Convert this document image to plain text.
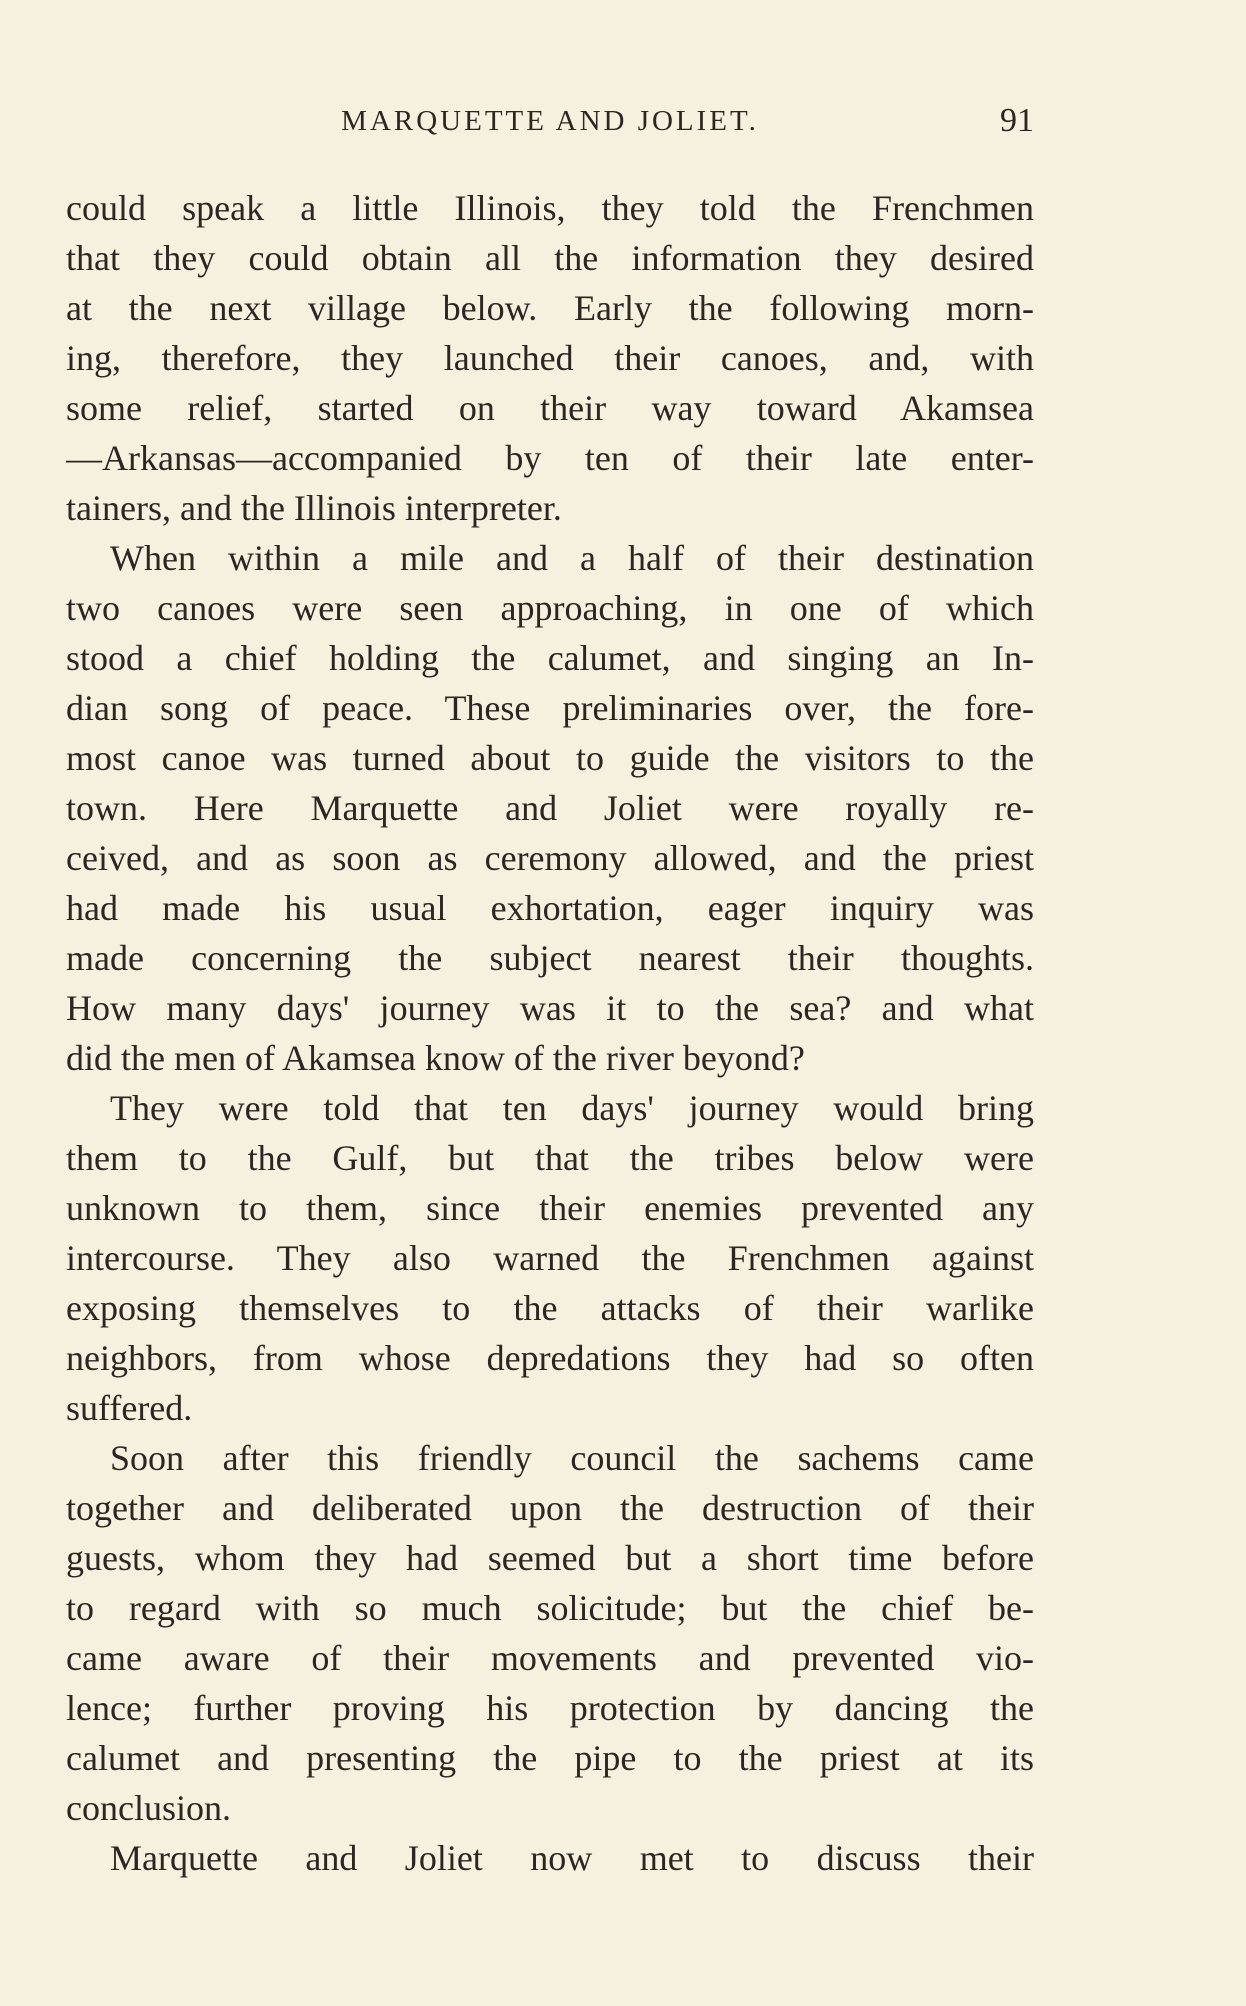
MARQUETTE AND JOLIET.	91

could speak a little Illinois, they told the Frenchmen

that they could obtain all the information they desired

at the next village below. Early the following morn-

ing, therefore, they launched their canoes, and, with

some relief, started on their way toward Akamsea

—Arkansas—accompanied by ten of their late enter-

tainers, and the Illinois interpreter.

When within a mile and a half of their destination

two canoes were seen approaching, in one of which

stood a chief holding the calumet, and singing an In-

dian song of peace. These preliminaries over, the fore-

most canoe was turned about to guide the visitors to the

town. Here Marquette and Joliet were royally re-

ceived, and as soon as ceremony allowed, and the priest

had made his usual exhortation, eager inquiry was

made concerning the subject nearest their thoughts.

How many days' journey was it to the sea? and what

did the men of Akamsea know of the river beyond?

They were told that ten days' journey would bring

them to the Gulf, but that the tribes below were

unknown to them, since their enemies prevented any

intercourse. They also warned the Frenchmen against

exposing themselves to the attacks of their warlike

neighbors, from whose depredations they had so often

suffered.

Soon after this friendly council the sachems came

together and deliberated upon the destruction of their

guests, whom they had seemed but a short time before

to regard with so much solicitude; but the chief be-

came aware of their movements and prevented vio-

lence; further proving his protection by dancing the

calumet and presenting the pipe to the priest at its

conclusion.

Marquette and Joliet now met to discuss their
